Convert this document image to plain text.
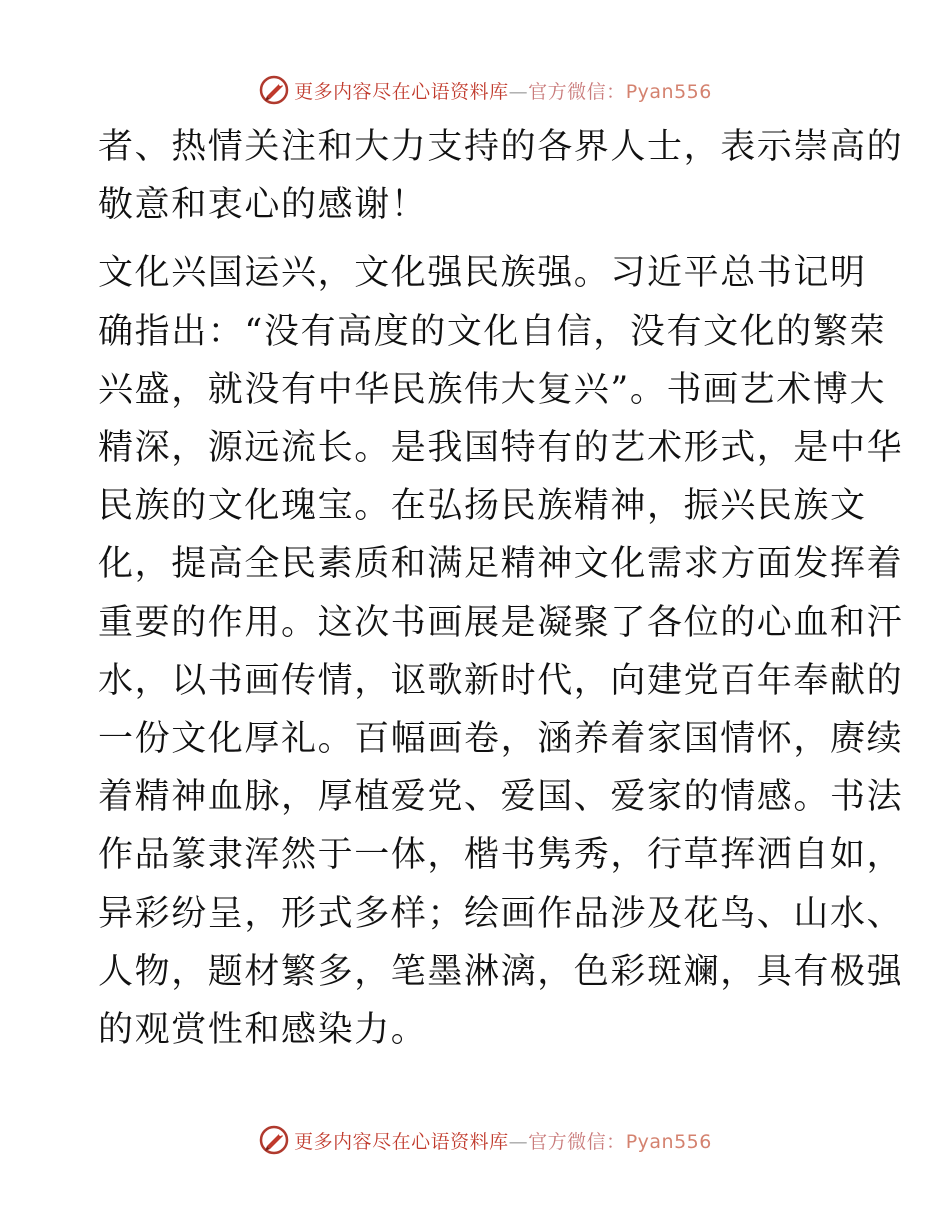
更多内容尽在心语资料库—官方微信：Pyan556

者、热情关注和大力支持的各界人士，表示崇高的
敬意和衷心的感谢！

文化兴国运兴，文化强民族强。习近平总书记明
确指出：“没有高度的文化自信，没有文化的繁荣
兴盛，就没有中华民族伟大复兴”。书画艺术博大
精深，源远流长。是我国特有的艺术形式，是中华
民族的文化瑰宝。在弘扬民族精神，振兴民族文
化，提高全民素质和满足精神文化需求方面发挥着
重要的作用。这次书画展是凝聚了各位的心血和汗
水，以书画传情，讴歌新时代，向建党百年奉献的
一份文化厚礼。百幅画卷，涵养着家国情怀，赓续
着精神血脉，厚植爱党、爱国、爱家的情感。书法
作品篆隶浑然于一体，楷书隽秀，行草挥洒自如，
异彩纷呈，形式多样；绘画作品涉及花鸟、山水、
人物，题材繁多，笔墨淋漓，色彩斑斓，具有极强
的观赏性和感染力。

更多内容尽在心语资料库—官方微信：Pyan556
